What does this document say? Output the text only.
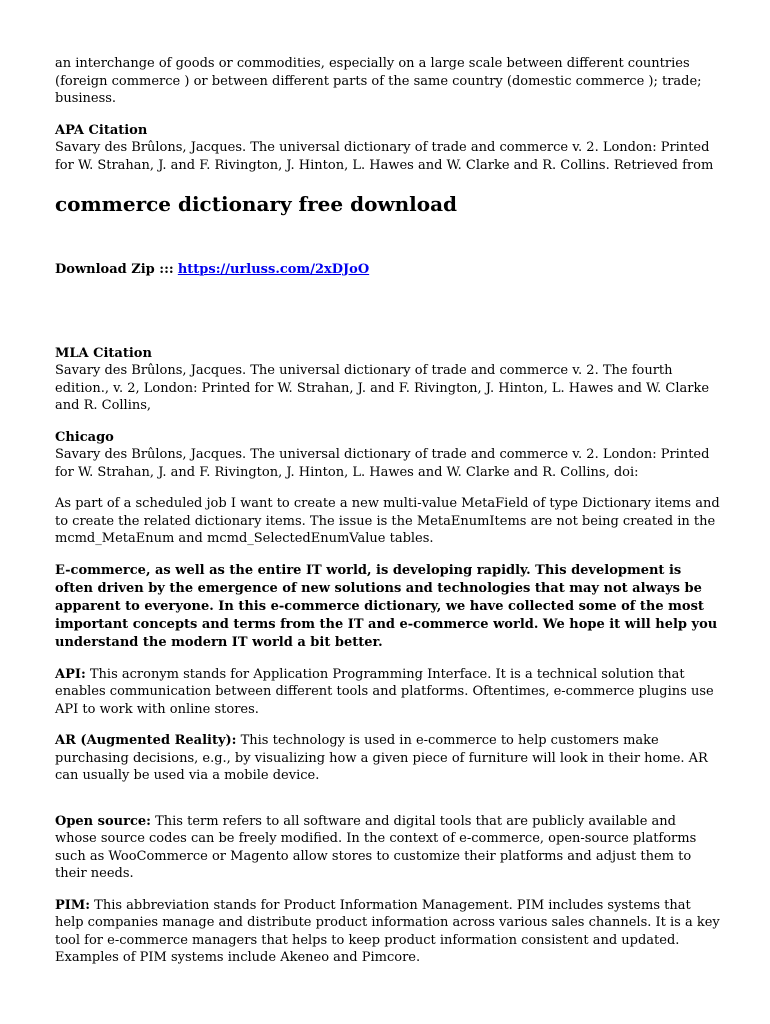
an interchange of goods or commodities, especially on a large scale between different countries (foreign commerce ) or between different parts of the same country (domestic commerce ); trade; business.

APA Citation

Savary des Brûlons, Jacques. The universal dictionary of trade and commerce v. 2. London: Printed for W. Strahan, J. and F. Rivington, J. Hinton, L. Hawes and W. Clarke and R. Collins. Retrieved from

commerce dictionary free download

Download Zip ::: https://urluss.com/2xDJoO

MLA Citation

Savary des Brûlons, Jacques. The universal dictionary of trade and commerce v. 2. The fourth edition., v. 2, London: Printed for W. Strahan, J. and F. Rivington, J. Hinton, L. Hawes and W. Clarke and R. Collins,

Chicago

Savary des Brûlons, Jacques. The universal dictionary of trade and commerce v. 2. London: Printed for W. Strahan, J. and F. Rivington, J. Hinton, L. Hawes and W. Clarke and R. Collins, doi:

As part of a scheduled job I want to create a new multi-value MetaField of type Dictionary items and to create the related dictionary items. The issue is the MetaEnumItems are not being created in the mcmd_MetaEnum and mcmd_SelectedEnumValue tables.

E-commerce, as well as the entire IT world, is developing rapidly. This development is often driven by the emergence of new solutions and technologies that may not always be apparent to everyone. In this e-commerce dictionary, we have collected some of the most important concepts and terms from the IT and e-commerce world. We hope it will help you understand the modern IT world a bit better.

API: This acronym stands for Application Programming Interface. It is a technical solution that enables communication between different tools and platforms. Oftentimes, e-commerce plugins use API to work with online stores.

AR (Augmented Reality): This technology is used in e-commerce to help customers make purchasing decisions, e.g., by visualizing how a given piece of furniture will look in their home. AR can usually be used via a mobile device.

Open source: This term refers to all software and digital tools that are publicly available and whose source codes can be freely modified. In the context of e-commerce, open-source platforms such as WooCommerce or Magento allow stores to customize their platforms and adjust them to their needs.

PIM: This abbreviation stands for Product Information Management. PIM includes systems that help companies manage and distribute product information across various sales channels. It is a key tool for e-commerce managers that helps to keep product information consistent and updated. Examples of PIM systems include Akeneo and Pimcore.
